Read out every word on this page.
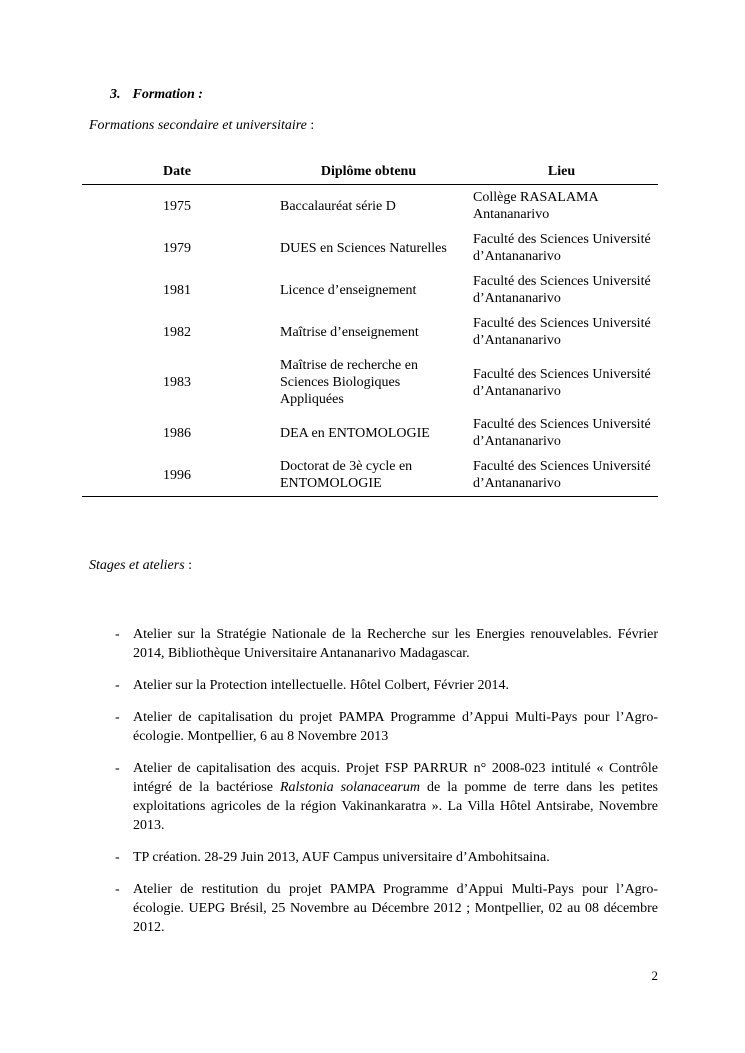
3. Formation :
Formations secondaire et universitaire :
Date	Diplôme obtenu	Lieu
1975	Baccalauréat série D	Collège RASALAMA Antananarivo
1979	DUES en Sciences Naturelles	Faculté des Sciences Université d’Antananarivo
1981	Licence d’enseignement	Faculté des Sciences Université d’Antananarivo
1982	Maîtrise d’enseignement	Faculté des Sciences Université d’Antananarivo
1983	Maîtrise de recherche en Sciences Biologiques Appliquées	Faculté des Sciences Université d’Antananarivo
1986	DEA en ENTOMOLOGIE	Faculté des Sciences Université d’Antananarivo
1996	Doctorat de 3è cycle en ENTOMOLOGIE	Faculté des Sciences Université d’Antananarivo
Stages et ateliers :
- Atelier sur la Stratégie Nationale de la Recherche sur les Energies renouvelables. Février 2014, Bibliothèque Universitaire Antananarivo Madagascar.
- Atelier sur la Protection intellectuelle. Hôtel Colbert, Février 2014.
- Atelier de capitalisation du projet PAMPA Programme d’Appui Multi-Pays pour l’Agro-écologie. Montpellier, 6 au 8 Novembre 2013
- Atelier de capitalisation des acquis. Projet FSP PARRUR n° 2008-023 intitulé « Contrôle intégré de la bactériose Ralstonia solanacearum de la pomme de terre dans les petites exploitations agricoles de la région Vakinankaratra ». La Villa Hôtel Antsirabe, Novembre 2013.
- TP création. 28-29 Juin 2013, AUF Campus universitaire d’Ambohitsaina.
- Atelier de restitution du projet PAMPA Programme d’Appui Multi-Pays pour l’Agro-écologie. UEPG Brésil, 25 Novembre au Décembre 2012 ; Montpellier, 02 au 08 décembre 2012.
2
